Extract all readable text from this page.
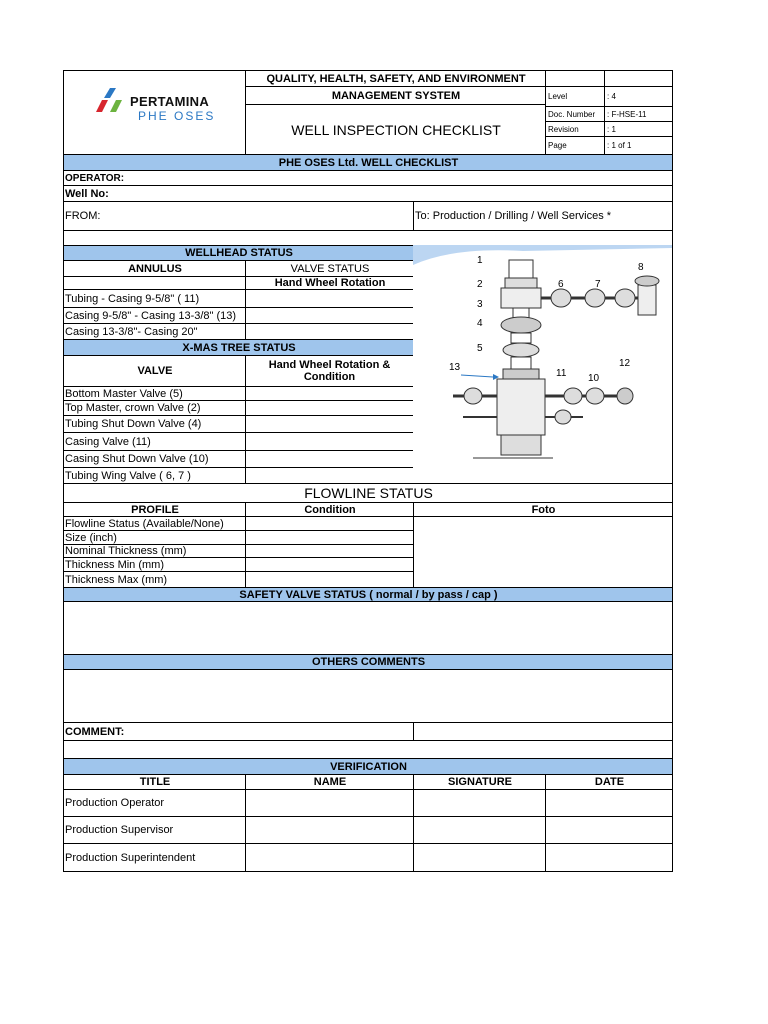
PERTAMINA
PHE OSES
QUALITY, HEALTH, SAFETY, AND ENVIRONMENT
MANAGEMENT SYSTEM
WELL INSPECTION CHECKLIST
Level	: 4
Doc. Number	: F-HSE-11
Revision	: 1
Page	: 1 of 1
PHE OSES Ltd. WELL CHECKLIST
OPERATOR:
Well No:
FROM:	To: Production / Drilling / Well Services *
WELLHEAD STATUS
ANNULUS	VALVE STATUS
Hand Wheel Rotation
Tubing - Casing 9-5/8" ( 11)
Casing 9-5/8" - Casing 13-3/8" (13)
Casing 13-3/8"- Casing 20"
X-MAS TREE STATUS
VALVE	Hand Wheel Rotation & Condition
Bottom Master Valve (5)
Top Master, crown Valve (2)
Tubing Shut Down Valve (4)
Casing Valve (11)
Casing Shut Down Valve (10)
Tubing Wing Valve ( 6, 7 )
1
2
3
4
5
6	7
8
10
11
12
13
FLOWLINE STATUS
PROFILE	Condition	Foto
Flowline Status (Available/None)
Size (inch)
Nominal Thickness (mm)
Thickness Min (mm)
Thickness Max (mm)
SAFETY VALVE STATUS ( normal / by pass / cap )
OTHERS COMMENTS
COMMENT:
VERIFICATION
TITLE	NAME	SIGNATURE	DATE
Production Operator
Production Supervisor
Production Superintendent
